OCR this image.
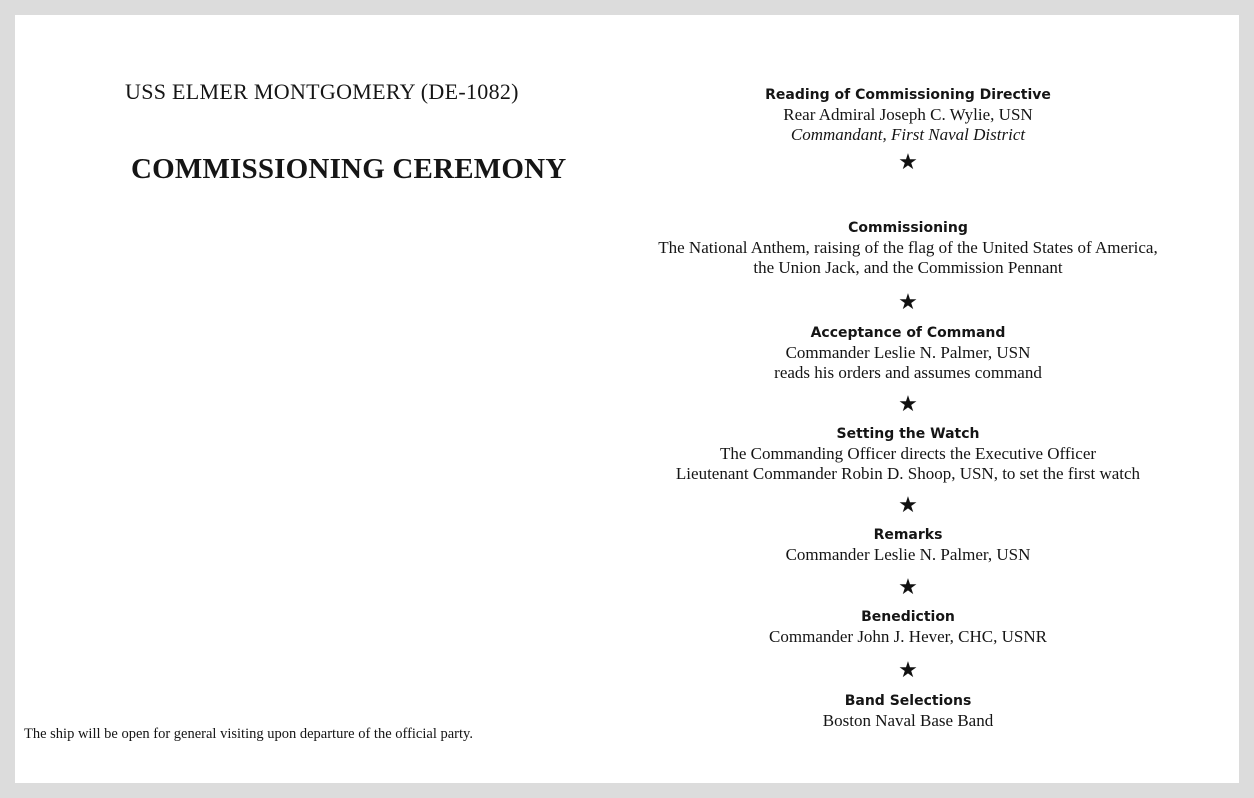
USS ELMER MONTGOMERY (DE-1082)
COMMISSIONING CEREMONY
Reading of Commissioning Directive
Rear Admiral Joseph C. Wylie, USN
Commandant, First Naval District
★
Commissioning
The National Anthem, raising of the flag of the United States of America,
the Union Jack, and the Commission Pennant
★
Acceptance of Command
Commander Leslie N. Palmer, USN
reads his orders and assumes command
★
Setting the Watch
The Commanding Officer directs the Executive Officer
Lieutenant Commander Robin D. Shoop, USN, to set the first watch
★
Remarks
Commander Leslie N. Palmer, USN
★
Benediction
Commander John J. Hever, CHC, USNR
★
Band Selections
Boston Naval Base Band
The ship will be open for general visiting upon departure of the official party.
